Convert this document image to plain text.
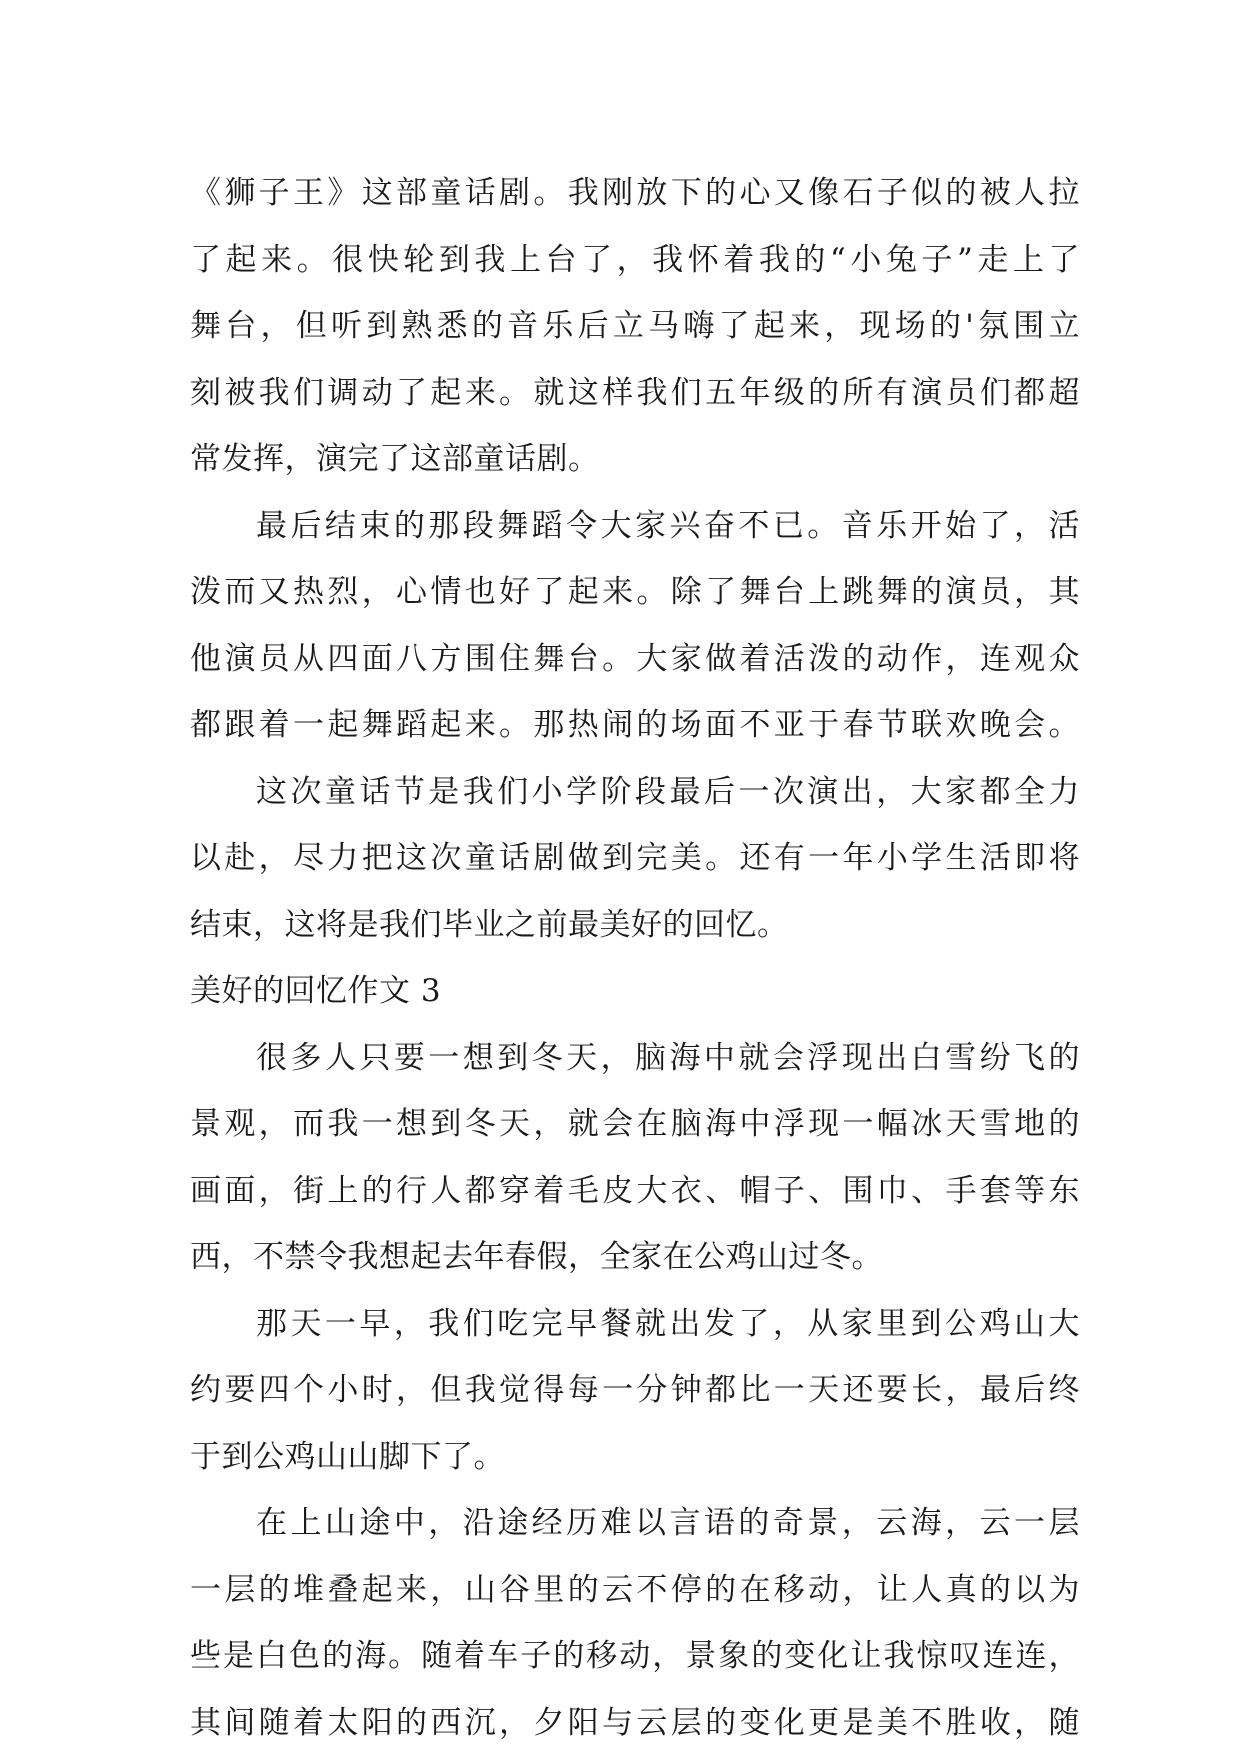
《狮子王》这部童话剧。我刚放下的心又像石子似的被人拉
了起来。很快轮到我上台了，我怀着我的“小兔子”走上了
舞台，但听到熟悉的音乐后立马嗨了起来，现场的'氛围立
刻被我们调动了起来。就这样我们五年级的所有演员们都超
常发挥，演完了这部童话剧。
最后结束的那段舞蹈令大家兴奋不已。音乐开始了，活
泼而又热烈，心情也好了起来。除了舞台上跳舞的演员，其
他演员从四面八方围住舞台。大家做着活泼的动作，连观众
都跟着一起舞蹈起来。那热闹的场面不亚于春节联欢晚会。
这次童话节是我们小学阶段最后一次演出，大家都全力
以赴，尽力把这次童话剧做到完美。还有一年小学生活即将
结束，这将是我们毕业之前最美好的回忆。
美好的回忆作文 3
很多人只要一想到冬天，脑海中就会浮现出白雪纷飞的
景观，而我一想到冬天，就会在脑海中浮现一幅冰天雪地的
画面，街上的行人都穿着毛皮大衣、帽子、围巾、手套等东
西，不禁令我想起去年春假，全家在公鸡山过冬。
那天一早，我们吃完早餐就出发了，从家里到公鸡山大
约要四个小时，但我觉得每一分钟都比一天还要长，最后终
于到公鸡山山脚下了。
在上山途中，沿途经历难以言语的奇景，云海，云一层
一层的堆叠起来，山谷里的云不停的在移动，让人真的以为
些是白色的海。随着车子的移动，景象的变化让我惊叹连连，
其间随着太阳的西沉，夕阳与云层的变化更是美不胜收，随
